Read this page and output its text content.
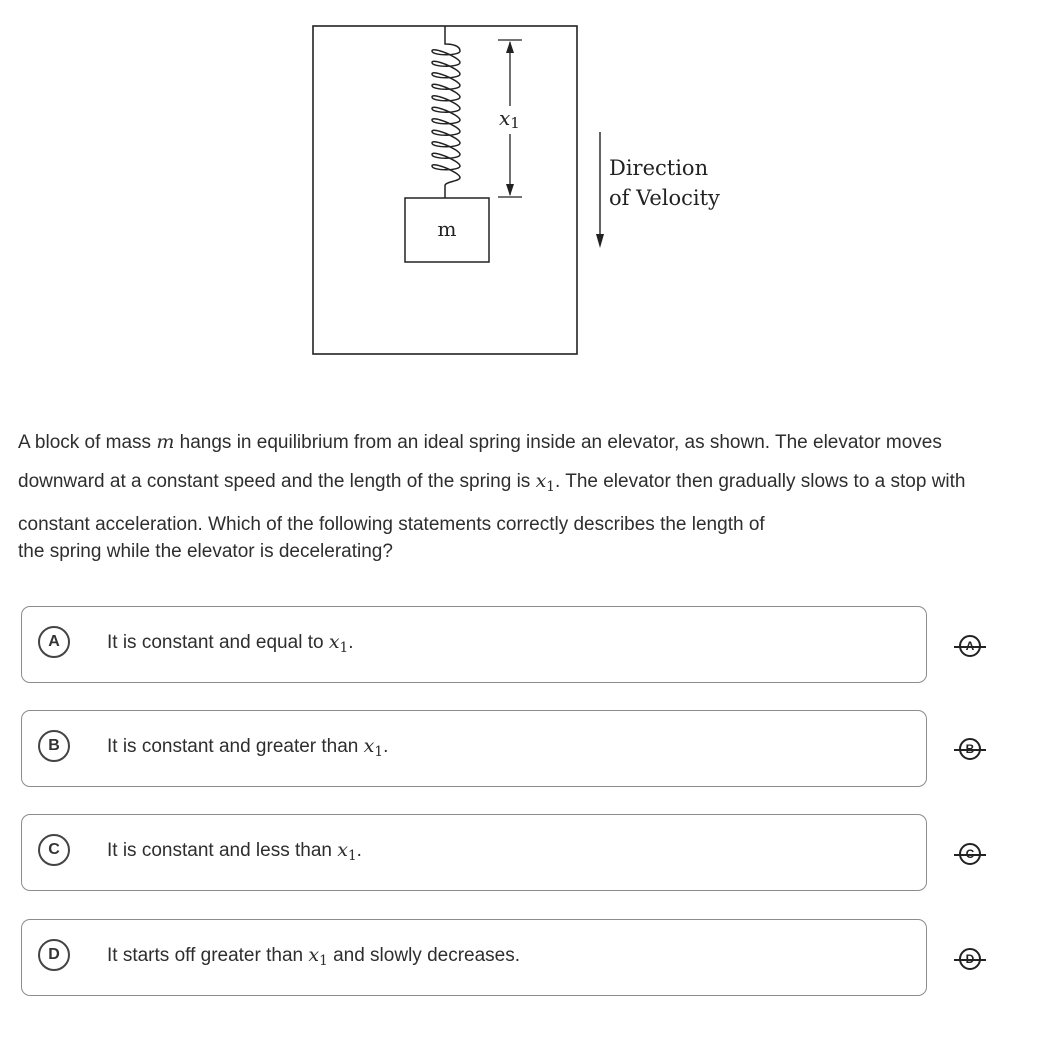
m
x1
Direction
of Velocity
A block of mass m hangs in equilibrium from an ideal spring inside an elevator, as shown. The elevator moves downward at a constant speed and the length of the spring is $x_1$. The elevator then gradually slows to a stop with constant acceleration. Which of the following statements correctly describes the length of
the spring while the elevator is decelerating?
A	It is constant and equal to $x_1$.
B	It is constant and greater than $x_1$.
C	It is constant and less than $x_1$.
D	It starts off greater than $x_1$ and slowly decreases.
